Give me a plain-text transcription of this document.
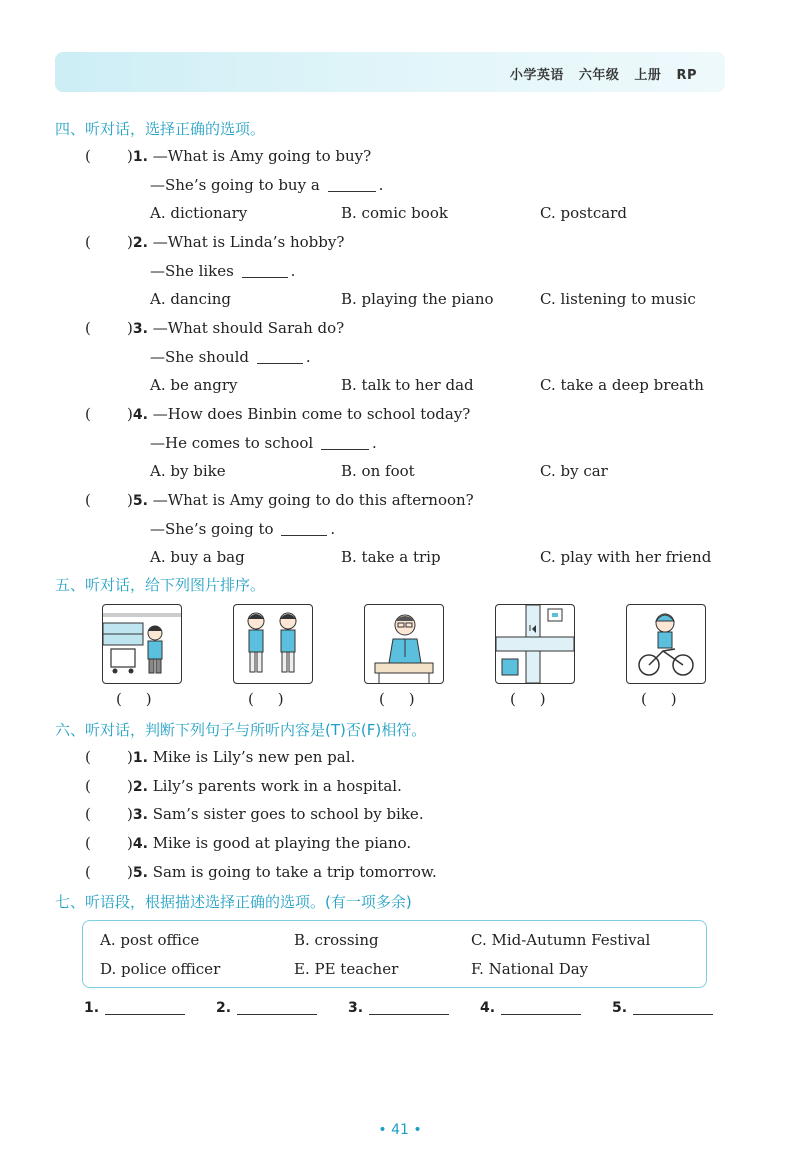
小学英语 六年级 上册 RP
四、听对话，选择正确的选项。
( )1. —What is Amy going to buy?
—She’s going to buy a	.
A. dictionary	B. comic book	C. postcard
( )2. —What is Linda’s hobby?
—She likes	.
A. dancing	B. playing the piano	C. listening to music
( )3. —What should Sarah do?
—She should	.
A. be angry	B. talk to her dad	C. take a deep breath
( )4. —How does Binbin come to school today?
—He comes to school	.
A. by bike	B. on foot	C. by car
( )5. —What is Amy going to do this afternoon?
—She’s going to	.
A. buy a bag	B. take a trip	C. play with her friend
五、听对话，给下列图片排序。
(     )	(     )	(     )	(     )	(     )
六、听对话，判断下列句子与所听内容是(T)否(F)相符。
( )1. Mike is Lily’s new pen pal.
( )2. Lily’s parents work in a hospital.
( )3. Sam’s sister goes to school by bike.
( )4. Mike is good at playing the piano.
( )5. Sam is going to take a trip tomorrow.
七、听语段，根据描述选择正确的选项。(有一项多余)
A. post office	B. crossing	C. Mid-Autumn Festival
D. police officer	E. PE teacher	F. National Day
1.	2.	3.	4.	5.
• 41 •
